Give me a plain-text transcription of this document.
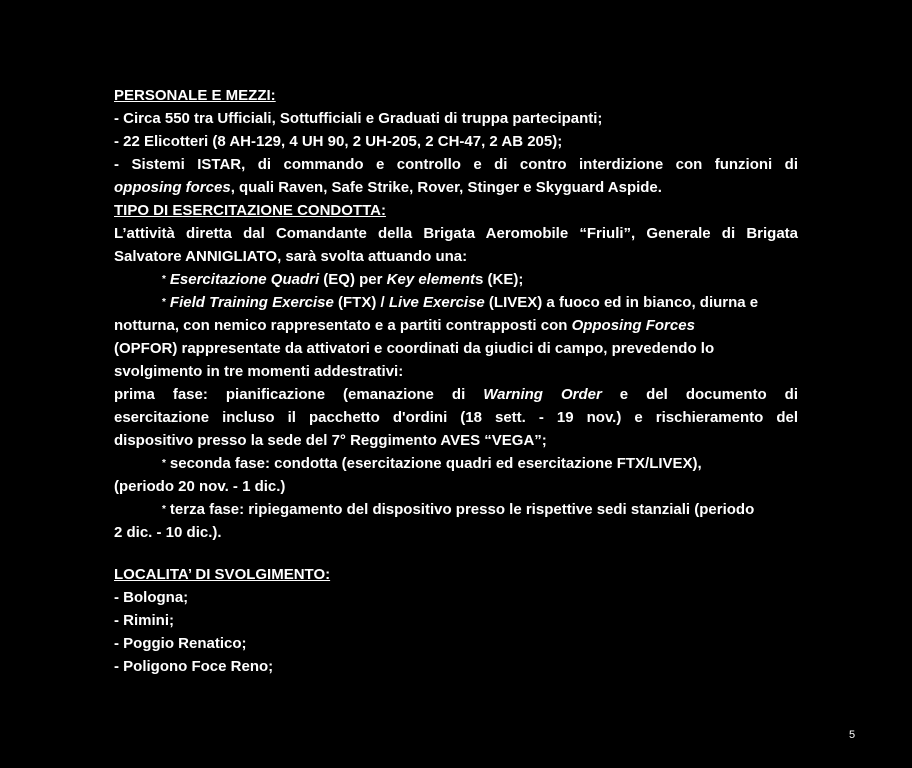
PERSONALE E MEZZI:
- Circa 550 tra Ufficiali, Sottufficiali e Graduati di truppa partecipanti;
- 22 Elicotteri (8 AH-129, 4 UH 90, 2 UH-205, 2 CH-47, 2 AB 205);
- Sistemi ISTAR, di commando e controllo e di contro interdizione con funzioni di
opposing forces, quali Raven, Safe Strike, Rover, Stinger e Skyguard Aspide.
TIPO DI ESERCITAZIONE CONDOTTA:
L’attività diretta dal Comandante della Brigata Aeromobile “Friuli”, Generale di Brigata
Salvatore ANNIGLIATO, sarà svolta attuando una:
* Esercitazione Quadri (EQ) per Key elements (KE);
* Field Training Exercise (FTX) / Live Exercise (LIVEX) a fuoco ed in bianco, diurna e
notturna, con nemico rappresentato e a partiti contrapposti con Opposing Forces
(OPFOR) rappresentate da attivatori e coordinati da giudici di campo, prevedendo lo
svolgimento in tre momenti addestrativi:
prima fase: pianificazione (emanazione di Warning Order e del documento di
esercitazione incluso il pacchetto d'ordini (18 sett. - 19 nov.) e rischieramento del
dispositivo presso la sede del 7° Reggimento AVES “VEGA”;
* seconda fase: condotta (esercitazione quadri ed esercitazione FTX/LIVEX),
(periodo 20 nov. - 1 dic.)
* terza fase: ripiegamento del dispositivo presso le rispettive sedi stanziali (periodo
2 dic. - 10 dic.).
LOCALITA’ DI SVOLGIMENTO:
- Bologna;
- Rimini;
- Poggio Renatico;
- Poligono Foce Reno;
5
